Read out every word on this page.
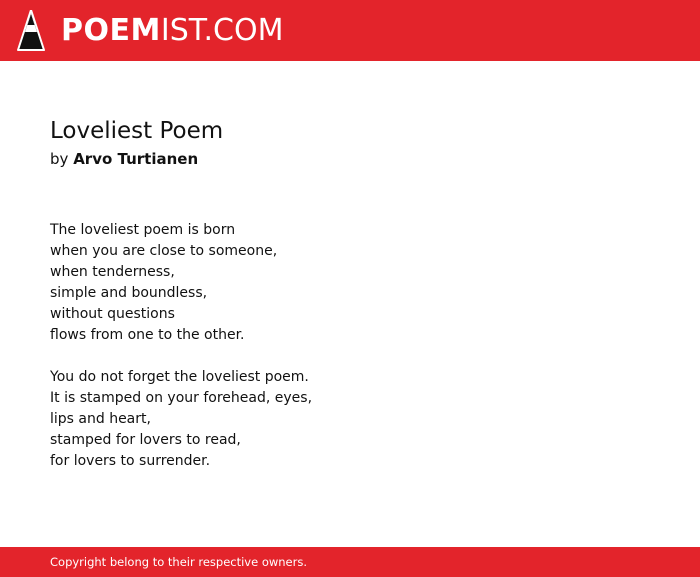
POEMIST.COM
Loveliest Poem

by Arvo Turtianen

The loveliest poem is born
when you are close to someone,
when tenderness,
simple and boundless,
without questions
flows from one to the other.
You do not forget the loveliest poem.
It is stamped on your forehead, eyes,
lips and heart,
stamped for lovers to read,
for lovers to surrender.
Copyright belong to their respective owners.
